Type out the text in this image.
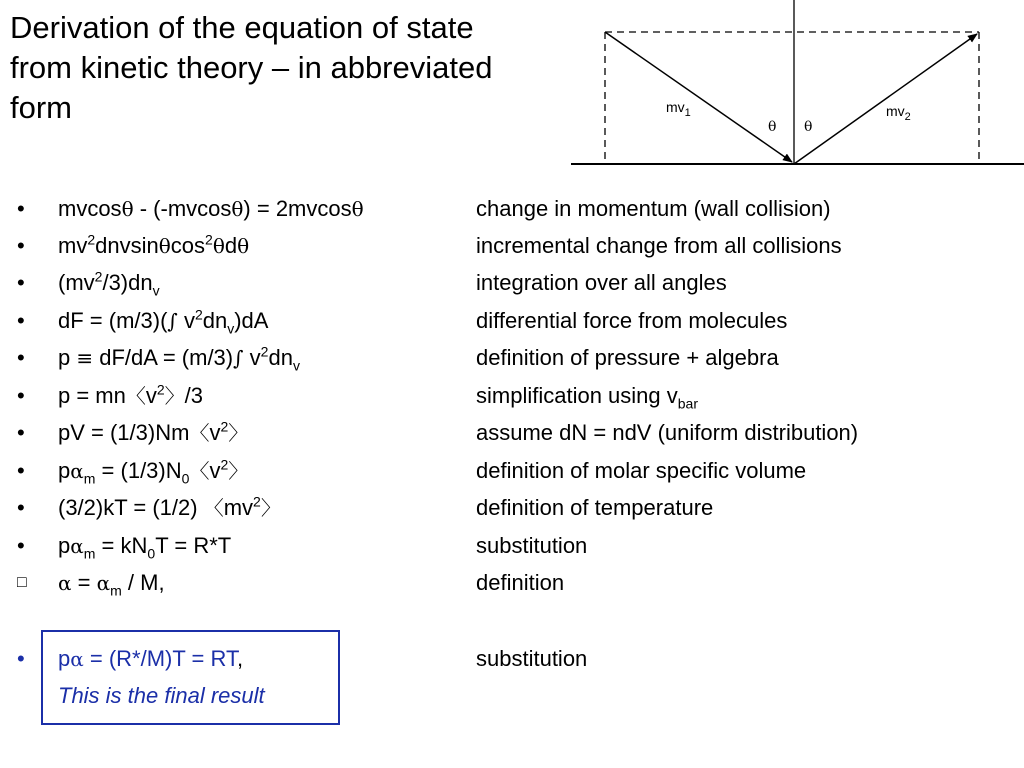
Derivation of the equation of state from kinetic theory – in abbreviated form	$mv_1$	$mv_2$
θ θ
• mvcosθ - (-mvcosθ) = 2mvcosθ	change in momentum (wall collision)
• $mv^2dnvsin\theta\cos^2\theta d\theta$	incremental change from all collisions
• $(mv^2/3)dn_v$	integration over all angles
• dF = (m/3)(∫ $v^2dn_v)dA$	differential force from molecules
• p ≡ dF/dA = (m/3)∫ $v^2dn_v$	definition of pressure + algebra
• $p = mn〈v^2〉/3$	simplification using $v_{bar}$
• pV = $(1/3)Nm〈v^2〉$	assume dN = ndV (uniform distribution)
• $p\alpha_m$ = $(1/3)N_0〈v^2〉$	definition of molar specific volume
• (3/2)kT = (1/2) $〈mv^2〉$	definition of temperature
• $p\alpha_m = kN_0T = R*T$	substitution
□ $\alpha = \alpha_m / M$,	definition
• pα = (R*/M)T = RT,	substitution
This is the final result
